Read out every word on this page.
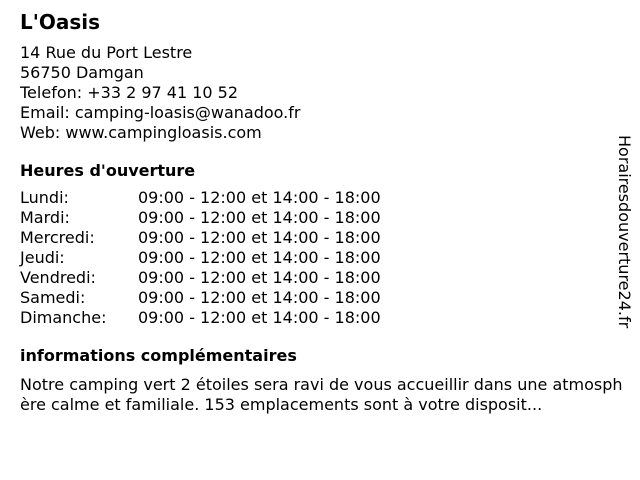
L'Oasis
14 Rue du Port Lestre
56750 Damgan
Telefon: +33 2 97 41 10 52
Email: camping-loasis@wanadoo.fr
Web: www.campingloasis.com
Heures d'ouverture
Lundi:	09:00 - 12:00 et 14:00 - 18:00
Mardi:	09:00 - 12:00 et 14:00 - 18:00
Mercredi:	09:00 - 12:00 et 14:00 - 18:00
Jeudi:	09:00 - 12:00 et 14:00 - 18:00
Vendredi:	09:00 - 12:00 et 14:00 - 18:00
Samedi:	09:00 - 12:00 et 14:00 - 18:00
Dimanche:	09:00 - 12:00 et 14:00 - 18:00
informations complémentaires
Notre camping vert 2 étoiles sera ravi de vous accueillir dans une atmosphère calme et familiale. 153 emplacements sont à votre disposit...
Horairesdouverture24.fr
